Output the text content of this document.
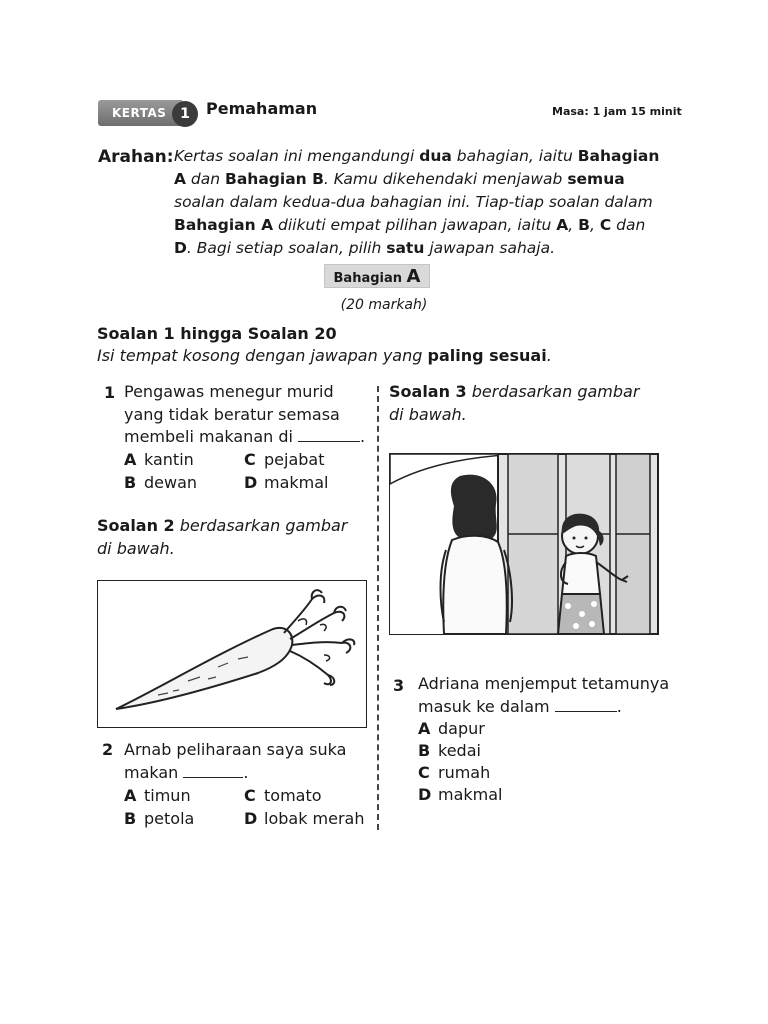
KERTAS 1	Pemahaman	Masa: 1 jam 15 minit
Arahan: Kertas soalan ini mengandungi dua bahagian, iaitu Bahagian A dan Bahagian B. Kamu dikehendaki menjawab semua soalan dalam kedua-dua bahagian ini. Tiap-tiap soalan dalam Bahagian A diikuti empat pilihan jawapan, iaitu A, B, C dan D. Bagi setiap soalan, pilih satu jawapan sahaja.
Bahagian A
(20 markah)
Soalan 1 hingga Soalan 20
Isi tempat kosong dengan jawapan yang paling sesuai.
1 Pengawas menegur murid
yang tidak beratur semasa
membeli makanan di	.
A kantin	C pejabat
B dewan	D makmal
Soalan 2 berdasarkan gambar
di bawah.
2 Arnab peliharaan saya suka
makan	.
A timun	C tomato
B petola	D lobak merah
Soalan 3 berdasarkan gambar
di bawah.
3 Adriana menjemput tetamunya
masuk ke dalam	.
A dapur
B kedai
C rumah
D makmal
